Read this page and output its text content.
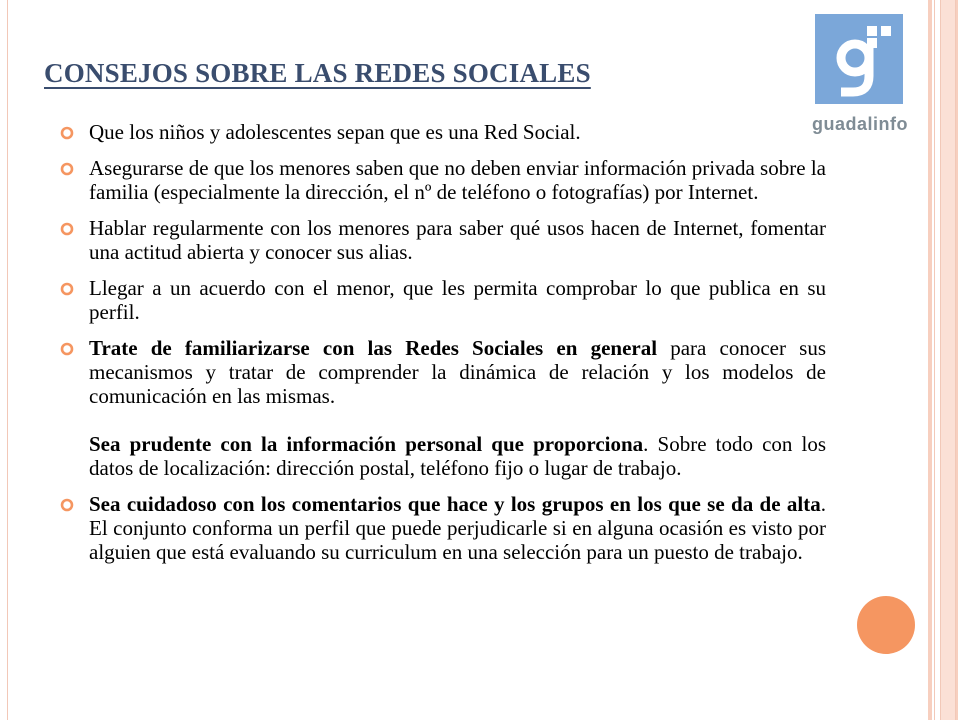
CONSEJOS SOBRE LAS REDES SOCIALES
guadalinfo
Que los niños y adolescentes sepan que es una Red Social.
Asegurarse de que los menores saben que no deben enviar información privada sobre la familia (especialmente la dirección, el nº de teléfono o fotografías) por Internet.
Hablar regularmente con los menores para saber qué usos hacen de Internet, fomentar una actitud abierta y conocer sus alias.
Llegar a un acuerdo con el menor, que les permita comprobar lo que publica en su perfil.
Trate de familiarizarse con las Redes Sociales en general para conocer sus mecanismos y tratar de comprender la dinámica de relación y los modelos de comunicación en las mismas.
Sea prudente con la información personal que proporciona. Sobre todo con los datos de localización: dirección postal, teléfono fijo o lugar de trabajo.
Sea cuidadoso con los comentarios que hace y los grupos en los que se da de alta. El conjunto conforma un perfil que puede perjudicarle si en alguna ocasión es visto por alguien que está evaluando su curriculum en una selección para un puesto de trabajo.
